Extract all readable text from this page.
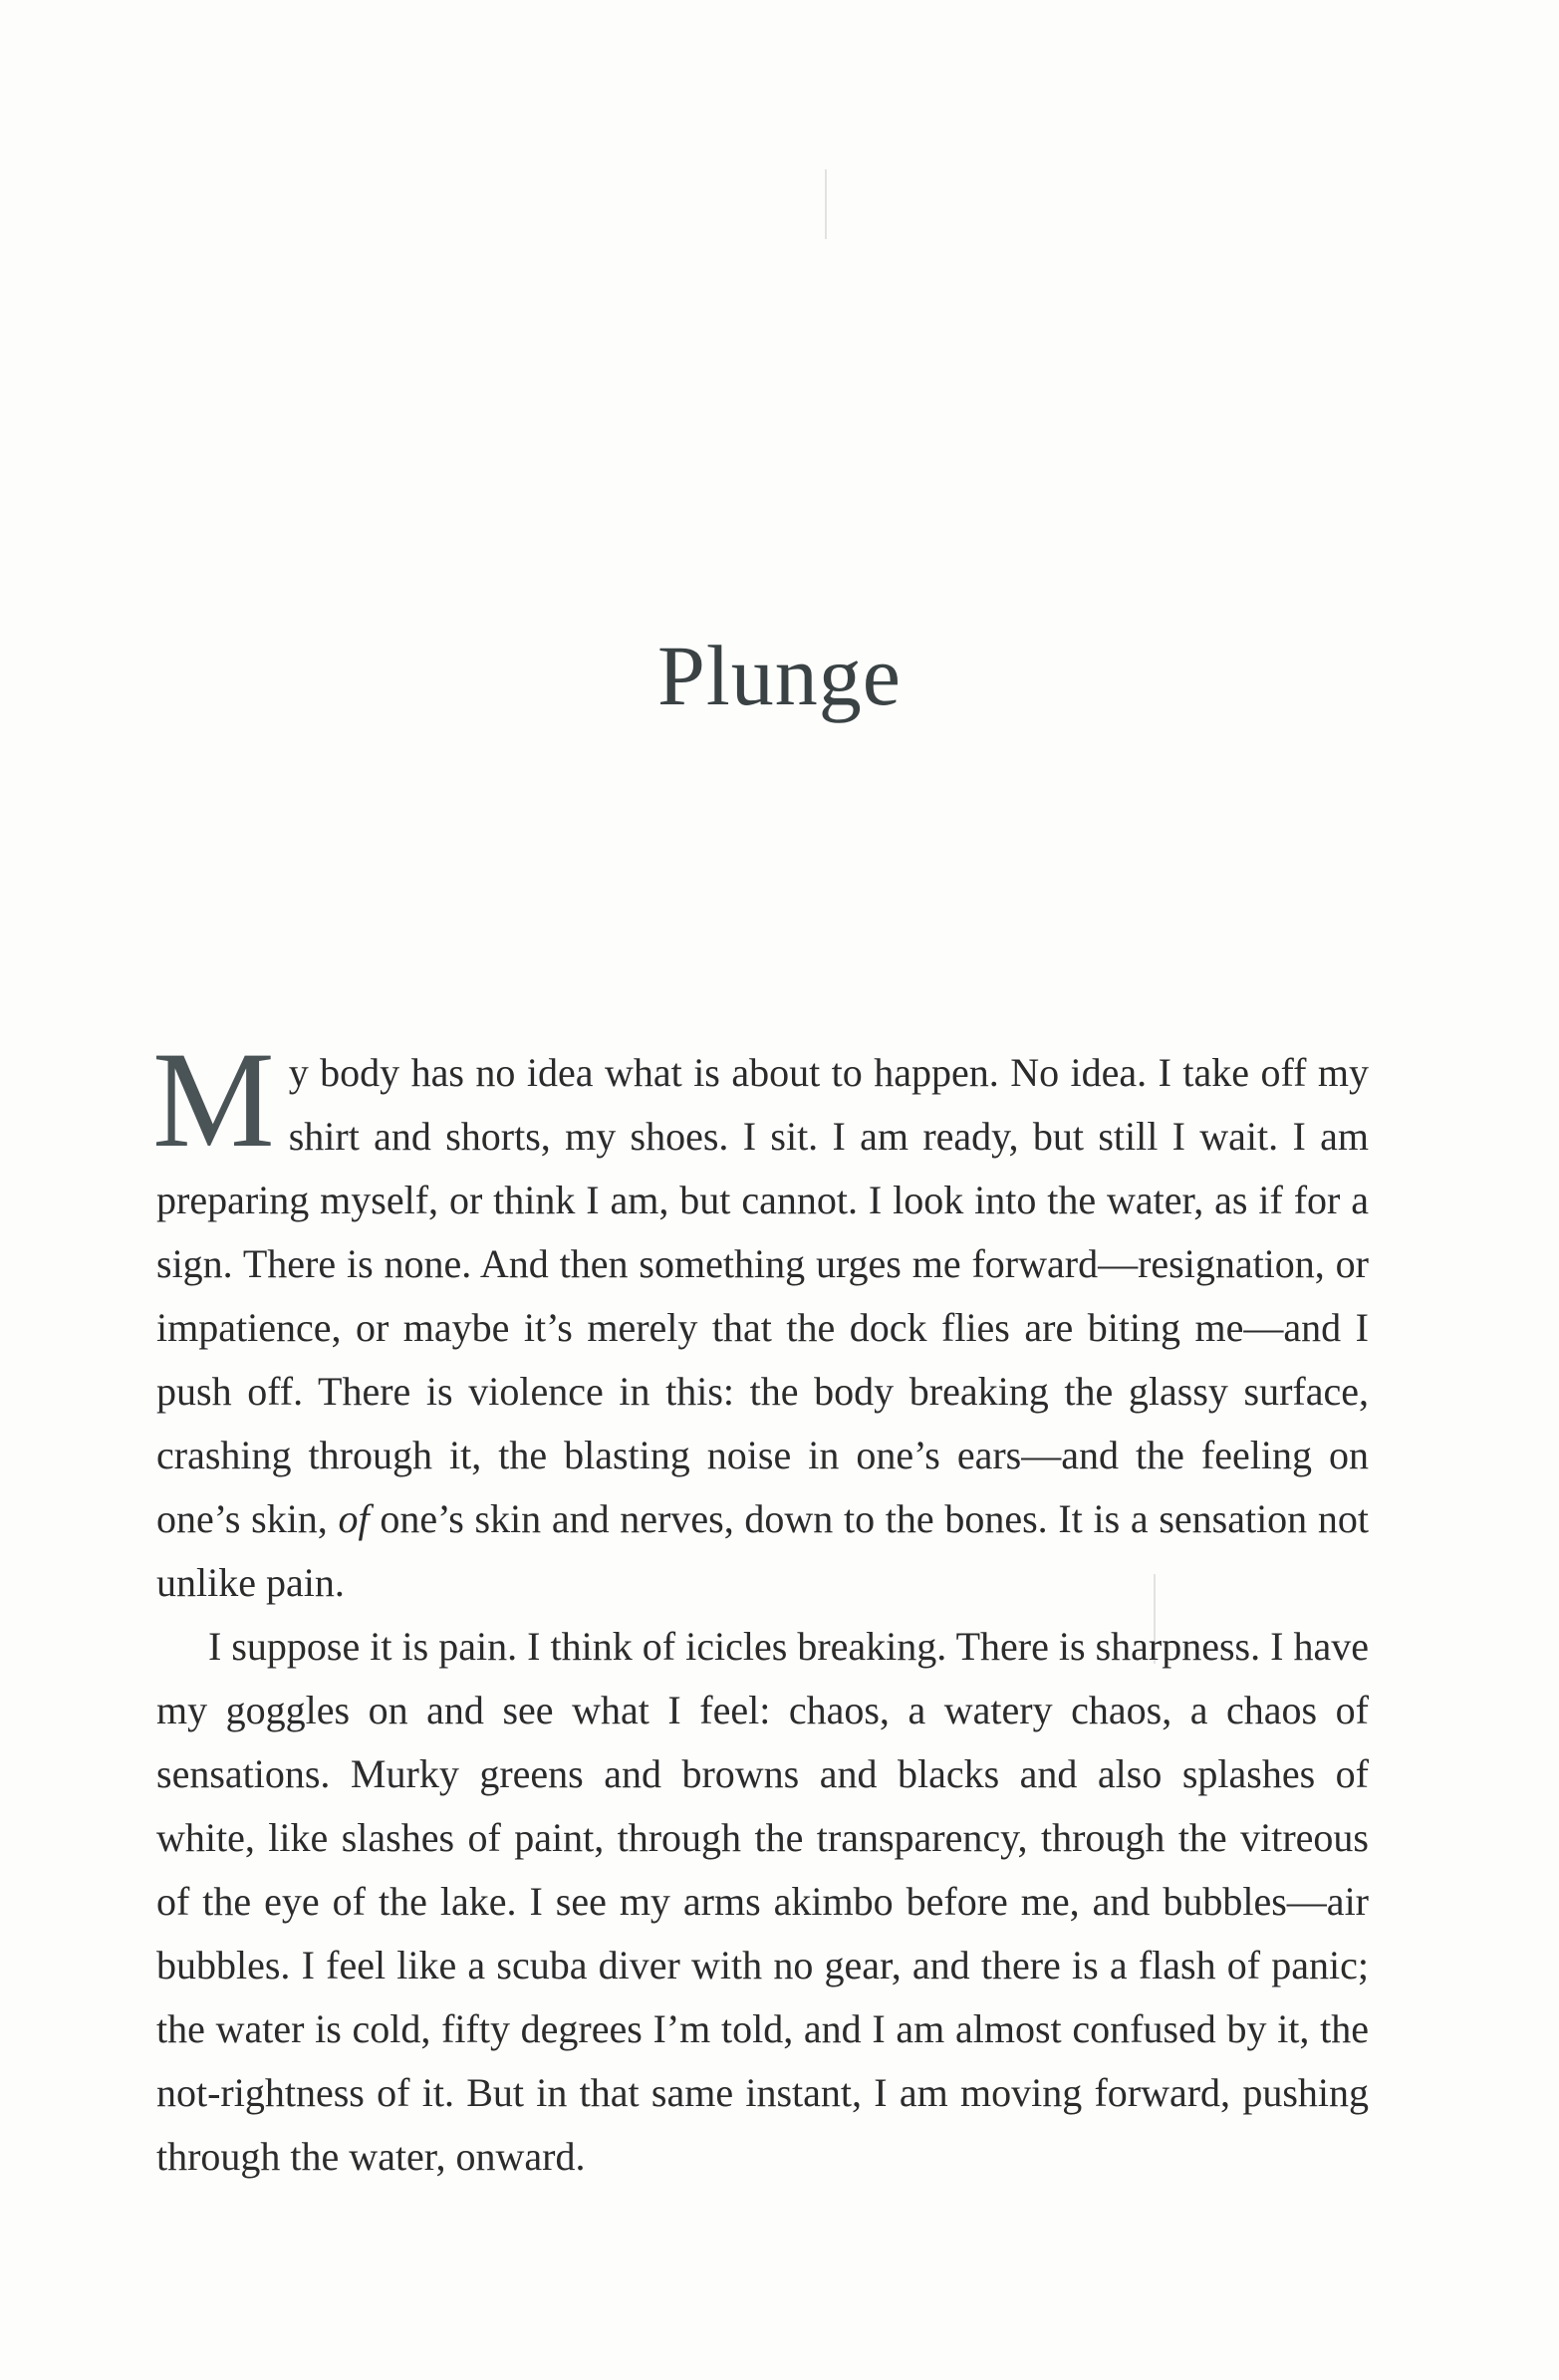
Plunge

My body has no idea what is about to happen. No idea. I take off my shirt and shorts, my shoes. I sit. I am ready, but still I wait. I am preparing myself, or think I am, but cannot. I look into the water, as if for a sign. There is none. And then something urges me forward—resignation, or impatience, or maybe it’s merely that the dock flies are biting me—and I push off. There is violence in this: the body breaking the glassy surface, crashing through it, the blasting noise in one’s ears—and the feeling on one’s skin, of one’s skin and nerves, down to the bones. It is a sensation not unlike pain.

I suppose it is pain. I think of icicles breaking. There is sharpness. I have my goggles on and see what I feel: chaos, a watery chaos, a chaos of sensations. Murky greens and browns and blacks and also splashes of white, like slashes of paint, through the transparency, through the vitreous of the eye of the lake. I see my arms akimbo before me, and bubbles—air bubbles. I feel like a scuba diver with no gear, and there is a flash of panic; the water is cold, fifty degrees I’m told, and I am almost confused by it, the not-rightness of it. But in that same instant, I am moving forward, pushing through the water, onward.
